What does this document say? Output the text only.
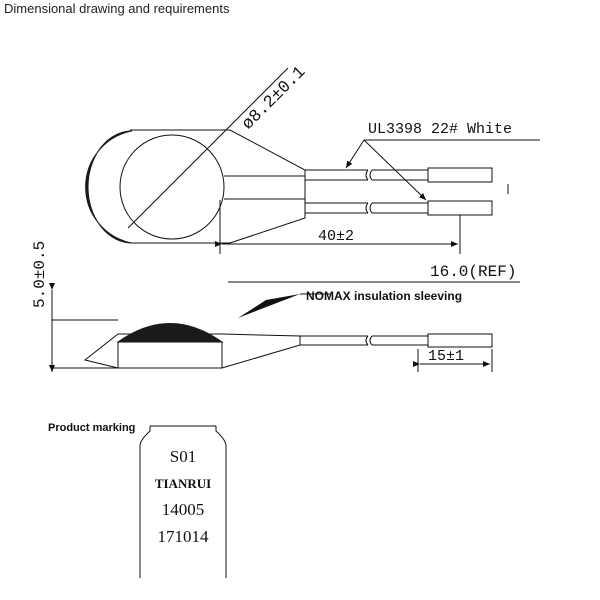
Dimensional drawing and requirements
ø8.2±0.1	UL3398 22# White
40±2
5.0±0.5	16.0(REF)
NOMAX insulation sleeving
15±1
Product marking
S01
TIANRUI
14005
171014
